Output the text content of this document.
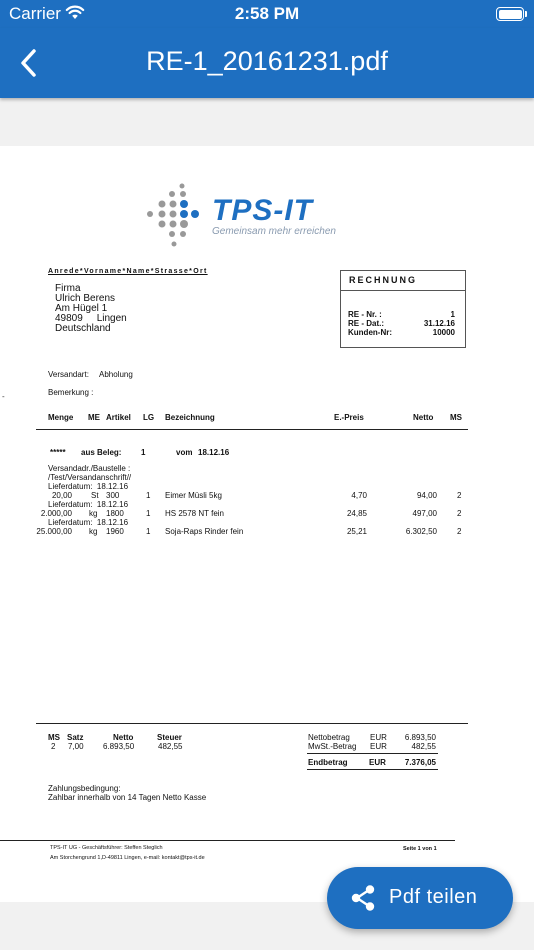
Carrier	2:58 PM
RE-1_20161231.pdf
TPS-IT
Gemeinsam mehr erreichen
Anrede*Vorname*Name*Strasse*Ort
Firma
Ulrich Berens
Am Hügel 1
49809     Lingen
Deutschland
RECHNUNG
RE - Nr. :	1
RE - Dat.:	31.12.16
Kunden-Nr:	10000
Versandart: Abholung
Bemerkung :
Menge ME Artikel LG Bezeichnung	E.-Preis	Netto MS
***** aus Beleg: 1	vom 18.12.16
Versandadr./Baustelle :
/Test/Versandanschrift//
Lieferdatum:  18.12.16
20,00 St 300	1 Eimer Müsli 5kg	4,70	94,00	2
Lieferdatum:  18.12.16
2.000,00 kg 1800	1 HS 2578 NT fein	24,85	497,00	2
Lieferdatum:  18.12.16
25.000,00 kg 1960	1 Soja-Raps Rinder fein	25,21	6.302,50	2
MS Satz	Netto	Steuer
2 7,00 6.893,50	482,55
Nettobetrag	EUR	6.893,50
MwSt.-Betrag EUR	482,55
Endbetrag	EUR	7.376,05
Zahlungsbedingung:
Zahlbar innerhalb von 14 Tagen Netto Kasse
TPS-IT UG - Geschäftsführer: Steffen Steglich	Seite 1 von 1
Am Storchengrund 1,D-49811 Lingen, e-mail: kontakt@tps-it.de
-
Pdf teilen
